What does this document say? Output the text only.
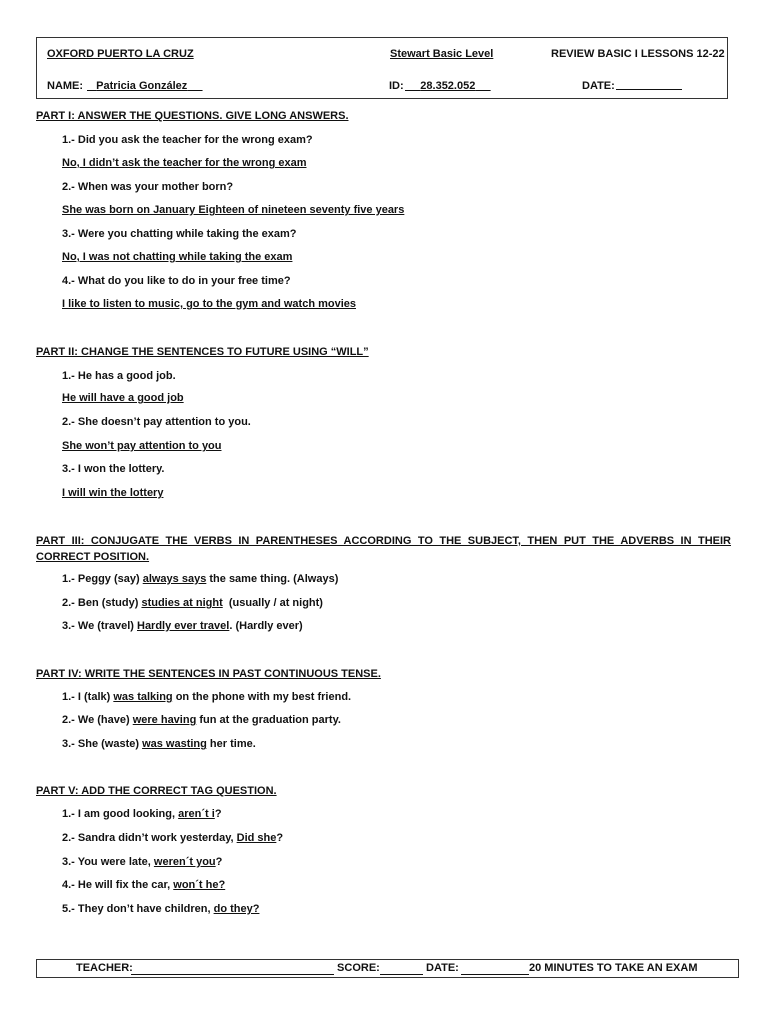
OXFORD PUERTO LA CRUZ	Stewart Basic Level	REVIEW BASIC I LESSONS 12-22
NAME:	Patricia González	ID:	28.352.052	DATE:
PART I: ANSWER THE QUESTIONS. GIVE LONG ANSWERS.
1.- Did you ask the teacher for the wrong exam?
No, I didn’t ask the teacher for the wrong exam
2.- When was your mother born?
She was born on January Eighteen of nineteen seventy five years
3.- Were you chatting while taking the exam?
No, I was not chatting while taking the exam
4.- What do you like to do in your free time?
I like to listen to music, go to the gym and watch movies
PART II: CHANGE THE SENTENCES TO FUTURE USING “WILL”
1.- He has a good job.
He will have a good job
2.- She doesn’t pay attention to you.
She won’t pay attention to you
3.- I won the lottery.
I will win the lottery
PART III: CONJUGATE THE VERBS IN PARENTHESES ACCORDING TO THE SUBJECT, THEN PUT THE ADVERBS IN THEIR CORRECT POSITION.
1.- Peggy (say) always says the same thing. (Always)
2.- Ben (study) studies at night  (usually / at night)
3.- We (travel) Hardly ever travel. (Hardly ever)
PART IV: WRITE THE SENTENCES IN PAST CONTINUOUS TENSE.
1.- I (talk) was talking on the phone with my best friend.
2.- We (have) were having fun at the graduation party.
3.- She (waste) was wasting her time.
PART V: ADD THE CORRECT TAG QUESTION.
1.- I am good looking, aren´t i?
2.- Sandra didn’t work yesterday, Did she?
3.- You were late, weren´t you?
4.- He will fix the car, won´t he?
5.- They don’t have children, do they?
TEACHER:	SCORE:	DATE:	20 MINUTES TO TAKE AN EXAM
